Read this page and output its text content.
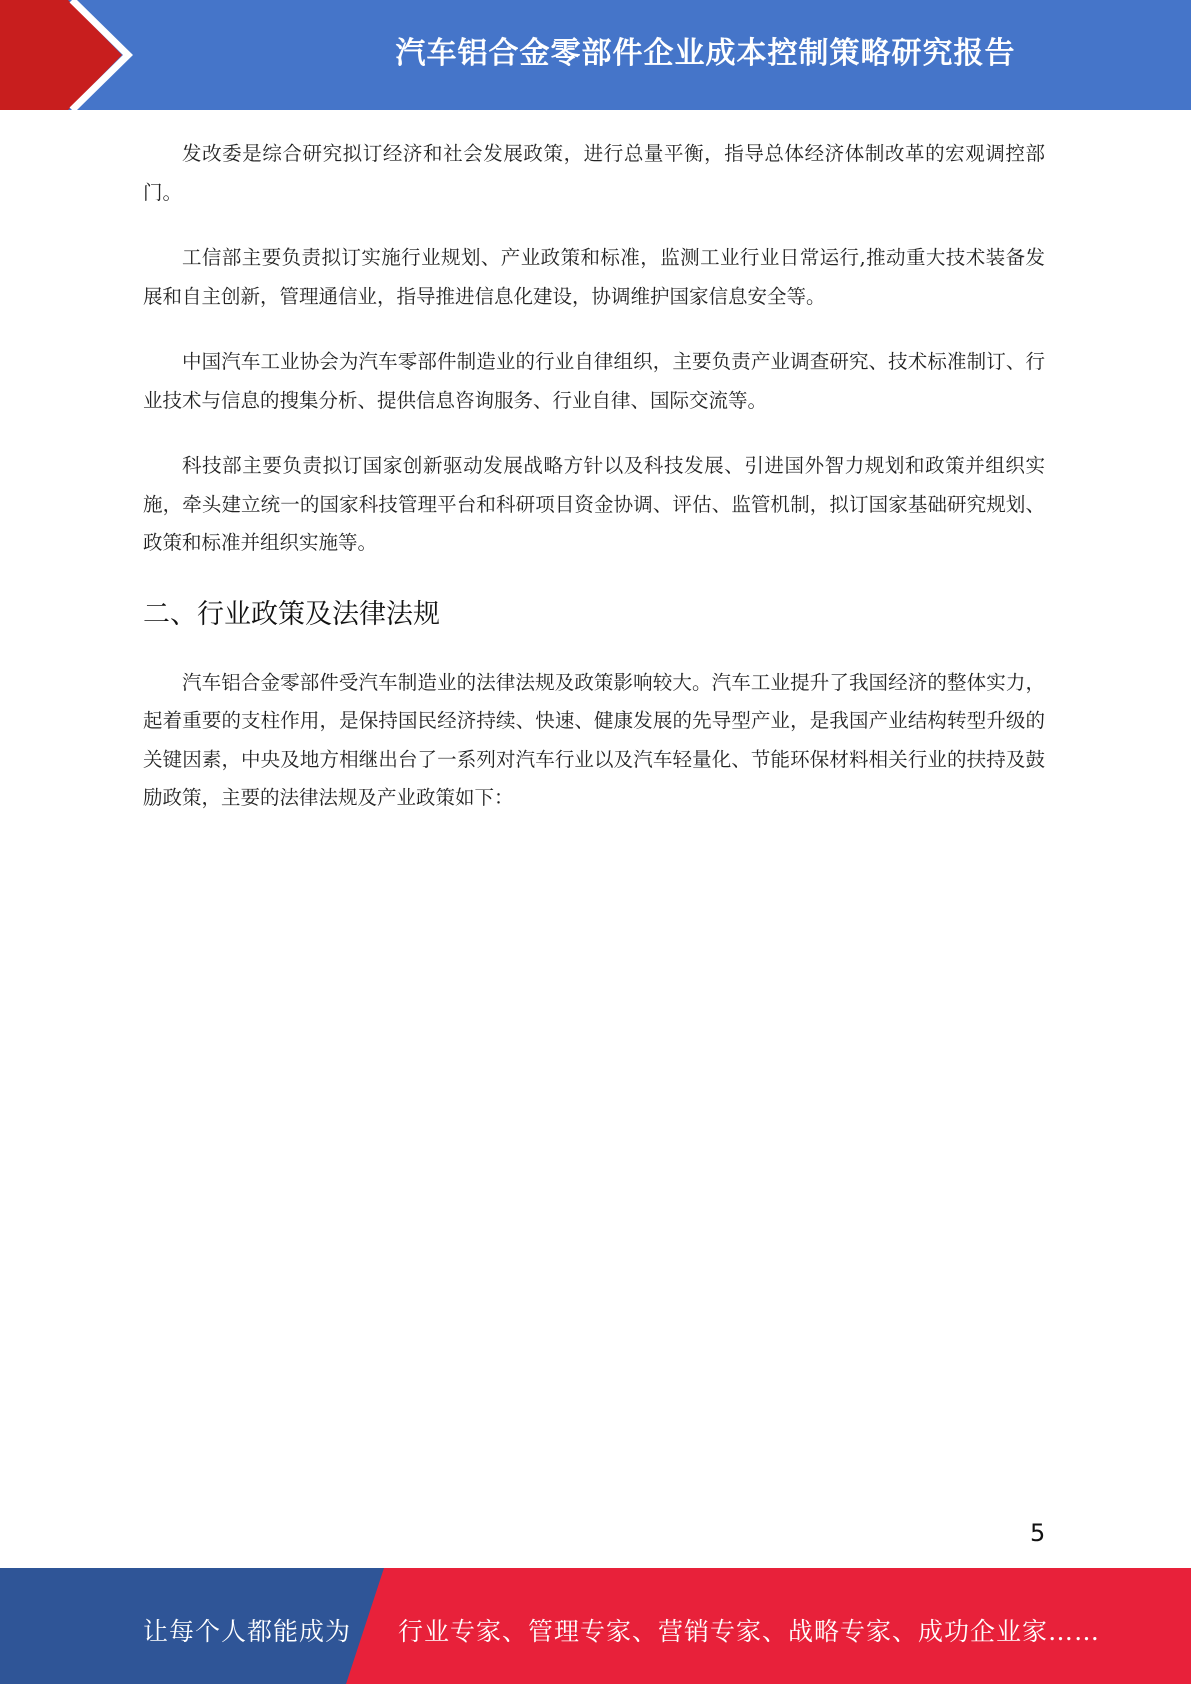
汽车铝合金零部件企业成本控制策略研究报告

发改委是综合研究拟订经济和社会发展政策，进行总量平衡，指导总体经济体制改革的宏观调控部门。

工信部主要负责拟订实施行业规划、产业政策和标准，监测工业行业日常运行,推动重大技术装备发展和自主创新，管理通信业，指导推进信息化建设，协调维护国家信息安全等。

中国汽车工业协会为汽车零部件制造业的行业自律组织，主要负责产业调查研究、技术标准制订、行业技术与信息的搜集分析、提供信息咨询服务、行业自律、国际交流等。

科技部主要负责拟订国家创新驱动发展战略方针以及科技发展、引进国外智力规划和政策并组织实施，牵头建立统一的国家科技管理平台和科研项目资金协调、评估、监管机制，拟订国家基础研究规划、政策和标准并组织实施等。

二、行业政策及法律法规

汽车铝合金零部件受汽车制造业的法律法规及政策影响较大。汽车工业提升了我国经济的整体实力，起着重要的支柱作用，是保持国民经济持续、快速、健康发展的先导型产业，是我国产业结构转型升级的关键因素，中央及地方相继出台了一系列对汽车行业以及汽车轻量化、节能环保材料相关行业的扶持及鼓励政策，主要的法律法规及产业政策如下：

5
让每个人都能成为 行业专家、管理专家、营销专家、战略专家、成功企业家……
